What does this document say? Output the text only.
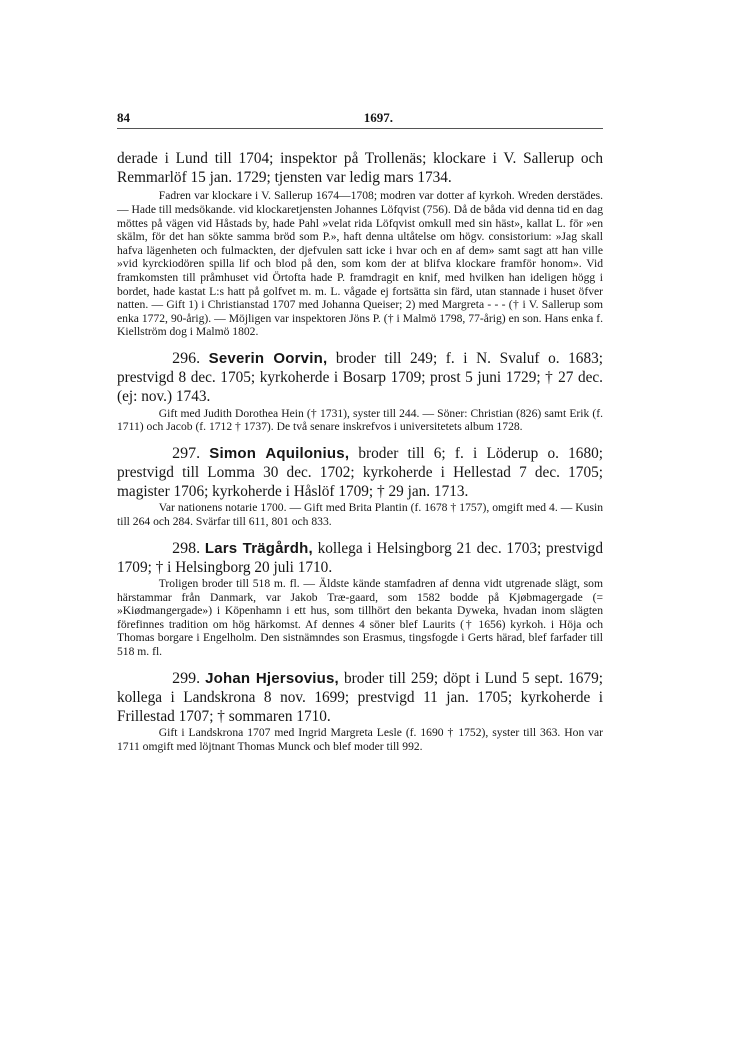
84	1697.

derade i Lund till 1704; inspektor på Trollenäs; klockare i V. Sallerup och Remmarlöf 15 jan. 1729; tjensten var ledig mars 1734.

Fadren var klockare i V. Sallerup 1674—1708; modren var dotter af kyrkoh. Wreden derstädes. — Hade till medsökande. vid klockaretjensten Johannes Löfqvist (756). Då de båda vid denna tid en dag möttes på vägen vid Håstads by, hade Pahl »velat rida Löfqvist omkull med sin häst», kallat L. för »en skälm, för det han sökte samma bröd som P.», haft denna ultåtelse om högv. consistorium: »Jag skall hafva lägenheten och fulmackten, der djefvulen satt icke i hvar och en af dem» samt sagt att han ville »vid kyrckiodören spilla lif och blod på den, som kom der at blifva klockare framför honom». Vid framkomsten till pråmhuset vid Örtofta hade P. framdragit en knif, med hvilken han ideligen högg i bordet, hade kastat L:s hatt på golfvet m. m. L. vågade ej fortsätta sin färd, utan stannade i huset öfver natten. — Gift 1) i Christianstad 1707 med Johanna Queiser; 2) med Margreta - - - († i V. Sallerup som enka 1772, 90-årig). — Möjligen var inspektoren Jöns P. († i Malmö 1798, 77-årig) en son. Hans enka f. Kiellström dog i Malmö 1802.

296. Severin Oorvin, broder till 249; f. i N. Svaluf o. 1683; prestvigd 8 dec. 1705; kyrkoherde i Bosarp 1709; prost 5 juni 1729; † 27 dec. (ej: nov.) 1743.

Gift med Judith Dorothea Hein († 1731), syster till 244. — Söner: Christian (826) samt Erik (f. 1711) och Jacob (f. 1712 † 1737). De två senare inskrefvos i universitetets album 1728.

297. Simon Aquilonius, broder till 6; f. i Löderup o. 1680; prestvigd till Lomma 30 dec. 1702; kyrkoherde i Hellestad 7 dec. 1705; magister 1706; kyrkoherde i Håslöf 1709; † 29 jan. 1713.

Var nationens notarie 1700. — Gift med Brita Plantin (f. 1678 † 1757), omgift med 4. — Kusin till 264 och 284. Svärfar till 611, 801 och 833.

298. Lars Trägårdh, kollega i Helsingborg 21 dec. 1703; prestvigd 1709; † i Helsingborg 20 juli 1710.

Troligen broder till 518 m. fl. — Äldste kände stamfadren af denna vidt utgrenade slägt, som härstammar från Danmark, var Jakob Træ-gaard, som 1582 bodde på Kjøbmagergade (= »Kiødmangergade») i Köpenhamn i ett hus, som tillhört den bekanta Dyweka, hvadan inom slägten förefinnes tradition om hög härkomst. Af dennes 4 söner blef Laurits († 1656) kyrkoh. i Höja och Thomas borgare i Engelholm. Den sistnämndes son Erasmus, tingsfogde i Gerts härad, blef farfader till 518 m. fl.

299. Johan Hjersovius, broder till 259; döpt i Lund 5 sept. 1679; kollega i Landskrona 8 nov. 1699; prestvigd 11 jan. 1705; kyrkoherde i Frillestad 1707; † sommaren 1710.

Gift i Landskrona 1707 med Ingrid Margreta Lesle (f. 1690 † 1752), syster till 363. Hon var 1711 omgift med löjtnant Thomas Munck och blef moder till 992.
